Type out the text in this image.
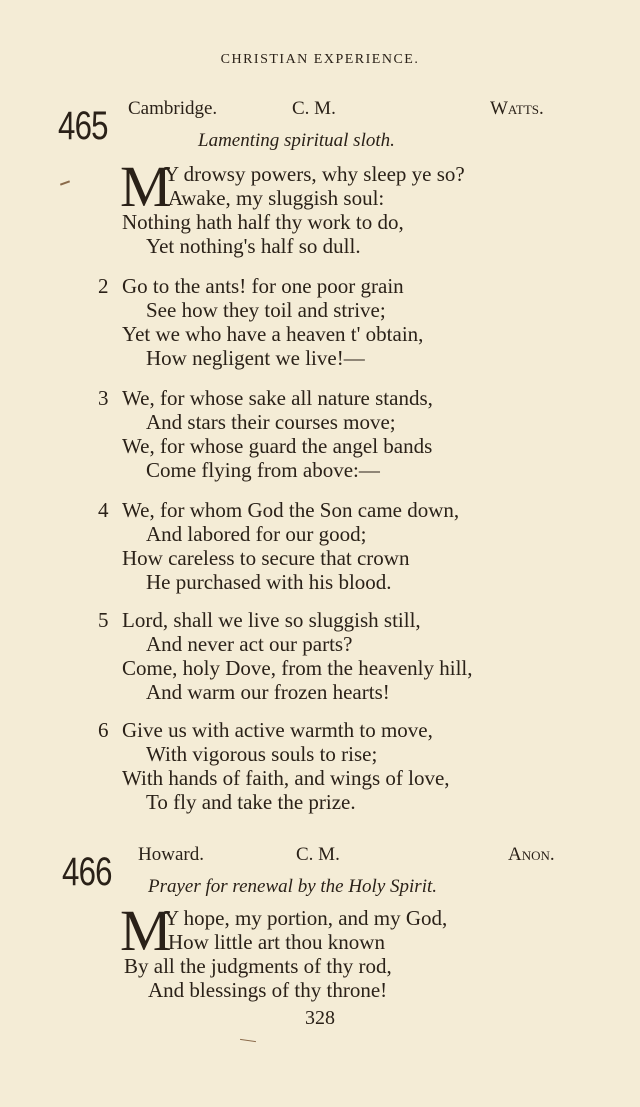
CHRISTIAN EXPERIENCE.
465 Cambridge.	C. M.	Watts.
Lamenting spiritual sloth.
M
Y drowsy powers, why sleep ye so?
Awake, my sluggish soul:
Nothing hath half thy work to do,
Yet nothing's half so dull.
2 Go to the ants! for one poor grain
See how they toil and strive;
Yet we who have a heaven t' obtain,
How negligent we live!—
3 We, for whose sake all nature stands,
And stars their courses move;
We, for whose guard the angel bands
Come flying from above:—
4 We, for whom God the Son came down,
And labored for our good;
How careless to secure that crown
He purchased with his blood.
5 Lord, shall we live so sluggish still,
And never act our parts?
Come, holy Dove, from the heavenly hill,
And warm our frozen hearts!
6 Give us with active warmth to move,
With vigorous souls to rise;
With hands of faith, and wings of love,
To fly and take the prize.
466 Howard.	C. M.	Anon.
Prayer for renewal by the Holy Spirit.
M
Y hope, my portion, and my God,
How little art thou known
By all the judgments of thy rod,
And blessings of thy throne!
328
